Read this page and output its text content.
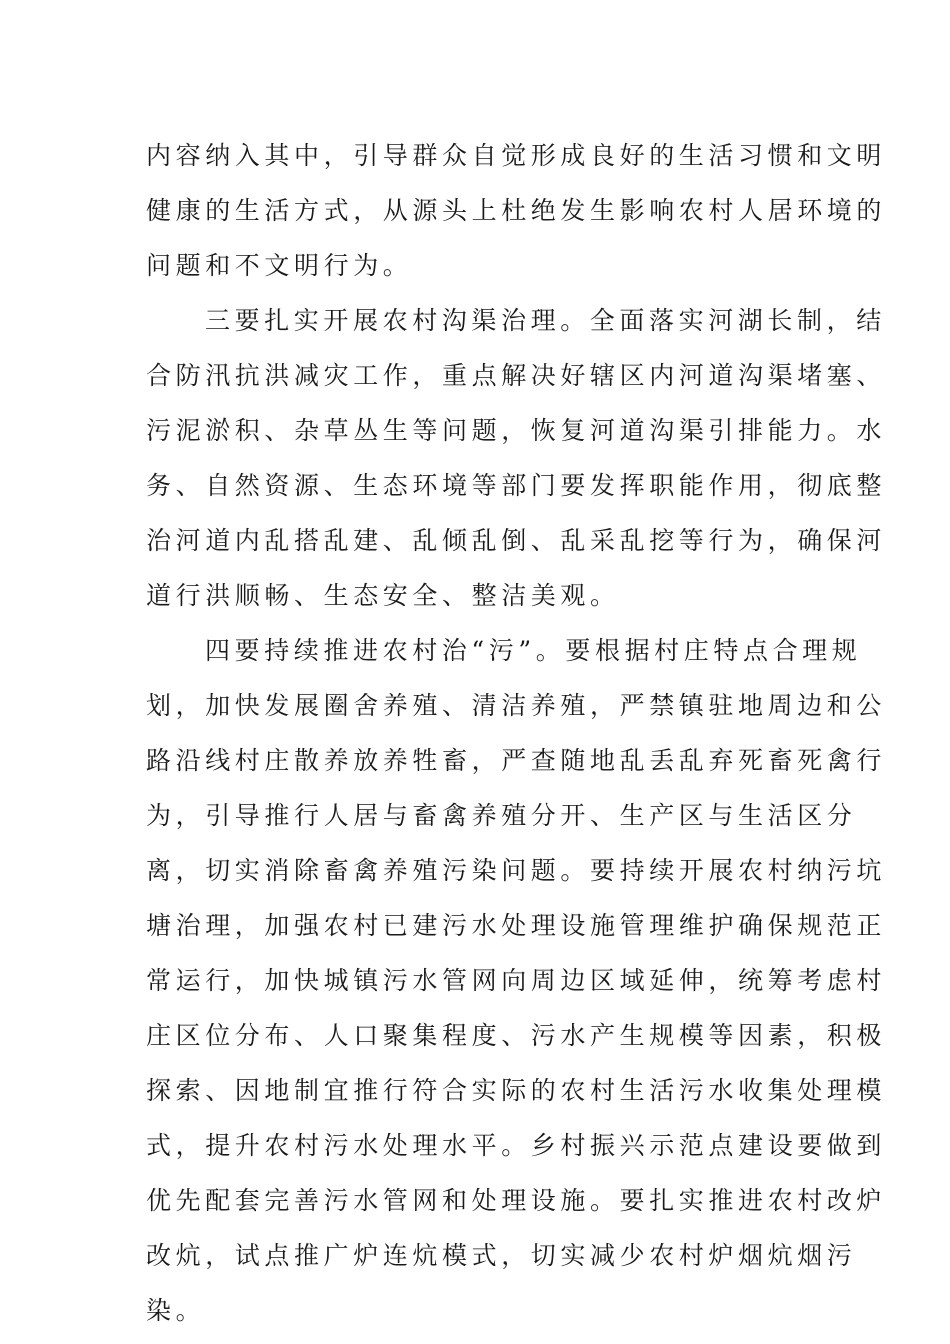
内容纳入其中，引导群众自觉形成良好的生活习惯和文明
健康的生活方式，从源头上杜绝发生影响农村人居环境的
问题和不文明行为。
三要扎实开展农村沟渠治理。全面落实河湖长制，结
合防汛抗洪减灾工作，重点解决好辖区内河道沟渠堵塞、
污泥淤积、杂草丛生等问题，恢复河道沟渠引排能力。水
务、自然资源、生态环境等部门要发挥职能作用，彻底整
治河道内乱搭乱建、乱倾乱倒、乱采乱挖等行为，确保河
道行洪顺畅、生态安全、整洁美观。
四要持续推进农村治“污”。要根据村庄特点合理规
划，加快发展圈舍养殖、清洁养殖，严禁镇驻地周边和公
路沿线村庄散养放养牲畜，严查随地乱丢乱弃死畜死禽行
为，引导推行人居与畜禽养殖分开、生产区与生活区分
离，切实消除畜禽养殖污染问题。要持续开展农村纳污坑
塘治理，加强农村已建污水处理设施管理维护确保规范正
常运行，加快城镇污水管网向周边区域延伸，统筹考虑村
庄区位分布、人口聚集程度、污水产生规模等因素，积极
探索、因地制宜推行符合实际的农村生活污水收集处理模
式，提升农村污水处理水平。乡村振兴示范点建设要做到
优先配套完善污水管网和处理设施。要扎实推进农村改炉
改炕，试点推广炉连炕模式，切实减少农村炉烟炕烟污
染。
